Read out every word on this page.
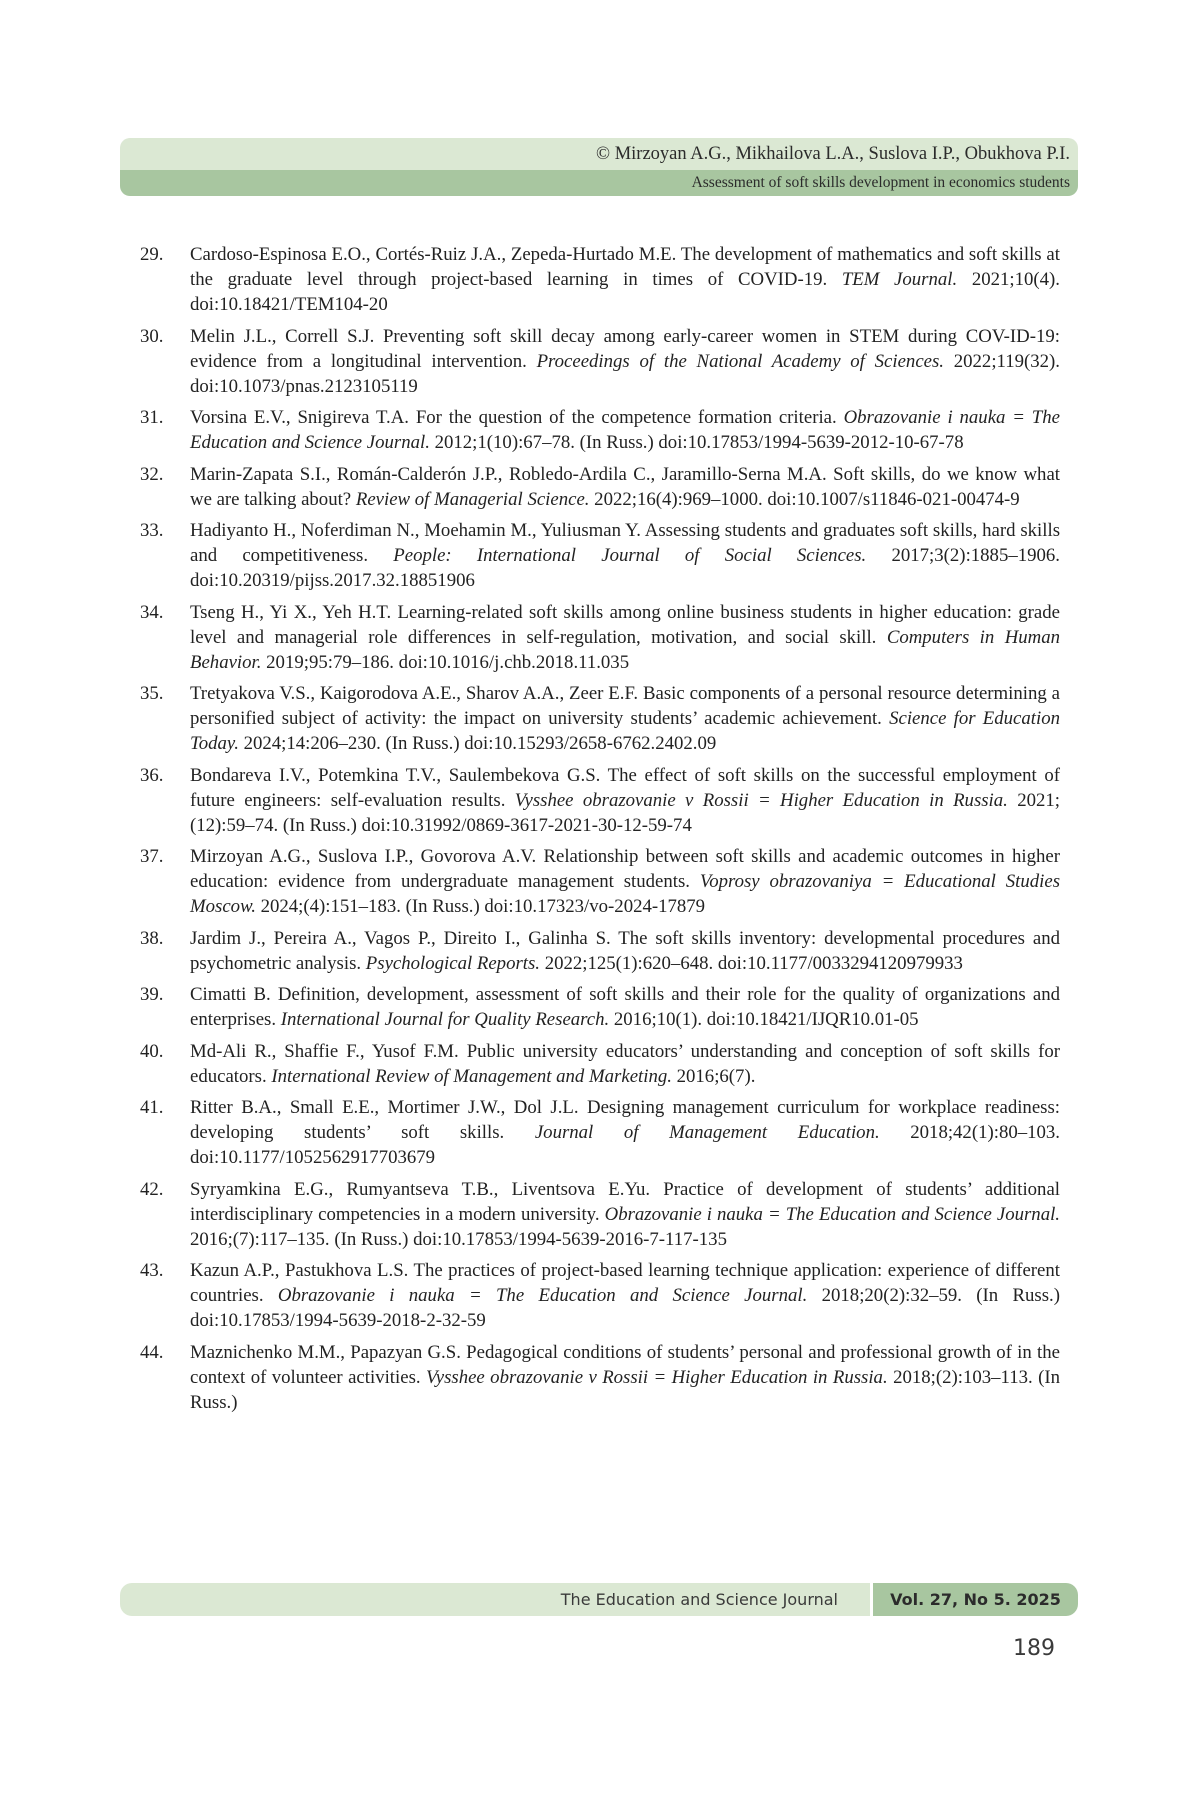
© Mirzoyan A.G., Mikhailova L.A., Suslova I.P., Obukhova P.I.
Assessment of soft skills development in economics students
29.	Cardoso-Espinosa E.O., Cortés-Ruiz J.A., Zepeda-Hurtado M.E. The development of mathematics and soft skills at the graduate level through project-based learning in times of COVID-19. TEM Journal. 2021;10(4). doi:10.18421/TEM104-20
30.	Melin J.L., Correll S.J. Preventing soft skill decay among early-career women in STEM during COV-ID-19: evidence from a longitudinal intervention. Proceedings of the National Academy of Sciences. 2022;119(32). doi:10.1073/pnas.2123105119
31.	Vorsina E.V., Snigireva T.A. For the question of the competence formation criteria. Obrazovanie i nauka = The Education and Science Journal. 2012;1(10):67–78. (In Russ.) doi:10.17853/1994-5639-2012-10-67-78
32.	Marin-Zapata S.I., Román-Calderón J.P., Robledo-Ardila C., Jaramillo-Serna M.A. Soft skills, do we know what we are talking about? Review of Managerial Science. 2022;16(4):969–1000. doi:10.1007/s11846-021-00474-9
33.	Hadiyanto H., Noferdiman N., Moehamin M., Yuliusman Y. Assessing students and graduates soft skills, hard skills and competitiveness. People: International Journal of Social Sciences. 2017;3(2):1885–1906. doi:10.20319/pijss.2017.32.18851906
34.	Tseng H., Yi X., Yeh H.T. Learning-related soft skills among online business students in higher education: grade level and managerial role differences in self-regulation, motivation, and social skill. Computers in Human Behavior. 2019;95:79–186. doi:10.1016/j.chb.2018.11.035
35.	Tretyakova V.S., Kaigorodova A.E., Sharov A.A., Zeer E.F. Basic components of a personal resource determining a personified subject of activity: the impact on university students’ academic achievement. Science for Education Today. 2024;14:206–230. (In Russ.) doi:10.15293/2658-6762.2402.09
36.	Bondareva I.V., Potemkina T.V., Saulembekova G.S. The effect of soft skills on the successful employment of future engineers: self-evaluation results. Vysshee obrazovanie v Rossii = Higher Education in Russia. 2021;(12):59–74. (In Russ.) doi:10.31992/0869-3617-2021-30-12-59-74
37.	Mirzoyan A.G., Suslova I.P., Govorova A.V. Relationship between soft skills and academic outcomes in higher education: evidence from undergraduate management students. Voprosy obrazovaniya = Educational Studies Moscow. 2024;(4):151–183. (In Russ.) doi:10.17323/vo-2024-17879
38.	Jardim J., Pereira A., Vagos P., Direito I., Galinha S. The soft skills inventory: developmental procedures and psychometric analysis. Psychological Reports. 2022;125(1):620–648. doi:10.1177/0033294120979933
39.	Cimatti B. Definition, development, assessment of soft skills and their role for the quality of organizations and enterprises. International Journal for Quality Research. 2016;10(1). doi:10.18421/IJQR10.01-05
40.	Md-Ali R., Shaffie F., Yusof F.M. Public university educators’ understanding and conception of soft skills for educators. International Review of Management and Marketing. 2016;6(7).
41.	Ritter B.A., Small E.E., Mortimer J.W., Dol J.L. Designing management curriculum for workplace readiness: developing students’ soft skills. Journal of Management Education. 2018;42(1):80–103. doi:10.1177/1052562917703679
42.	Syryamkina E.G., Rumyantseva T.B., Liventsova E.Yu. Practice of development of students’ additional interdisciplinary competencies in a modern university. Obrazovanie i nauka = The Education and Science Journal. 2016;(7):117–135. (In Russ.) doi:10.17853/1994-5639-2016-7-117-135
43.	Kazun A.P., Pastukhova L.S. The practices of project-based learning technique application: experience of different countries. Obrazovanie i nauka = The Education and Science Journal. 2018;20(2):32–59. (In Russ.) doi:10.17853/1994-5639-2018-2-32-59
44.	Maznichenko M.M., Papazyan G.S. Pedagogical conditions of students’ personal and professional growth of in the context of volunteer activities. Vysshee obrazovanie v Rossii = Higher Education in Russia. 2018;(2):103–113. (In Russ.)
The Education and Science Journal	Vol. 27, No 5. 2025
189
